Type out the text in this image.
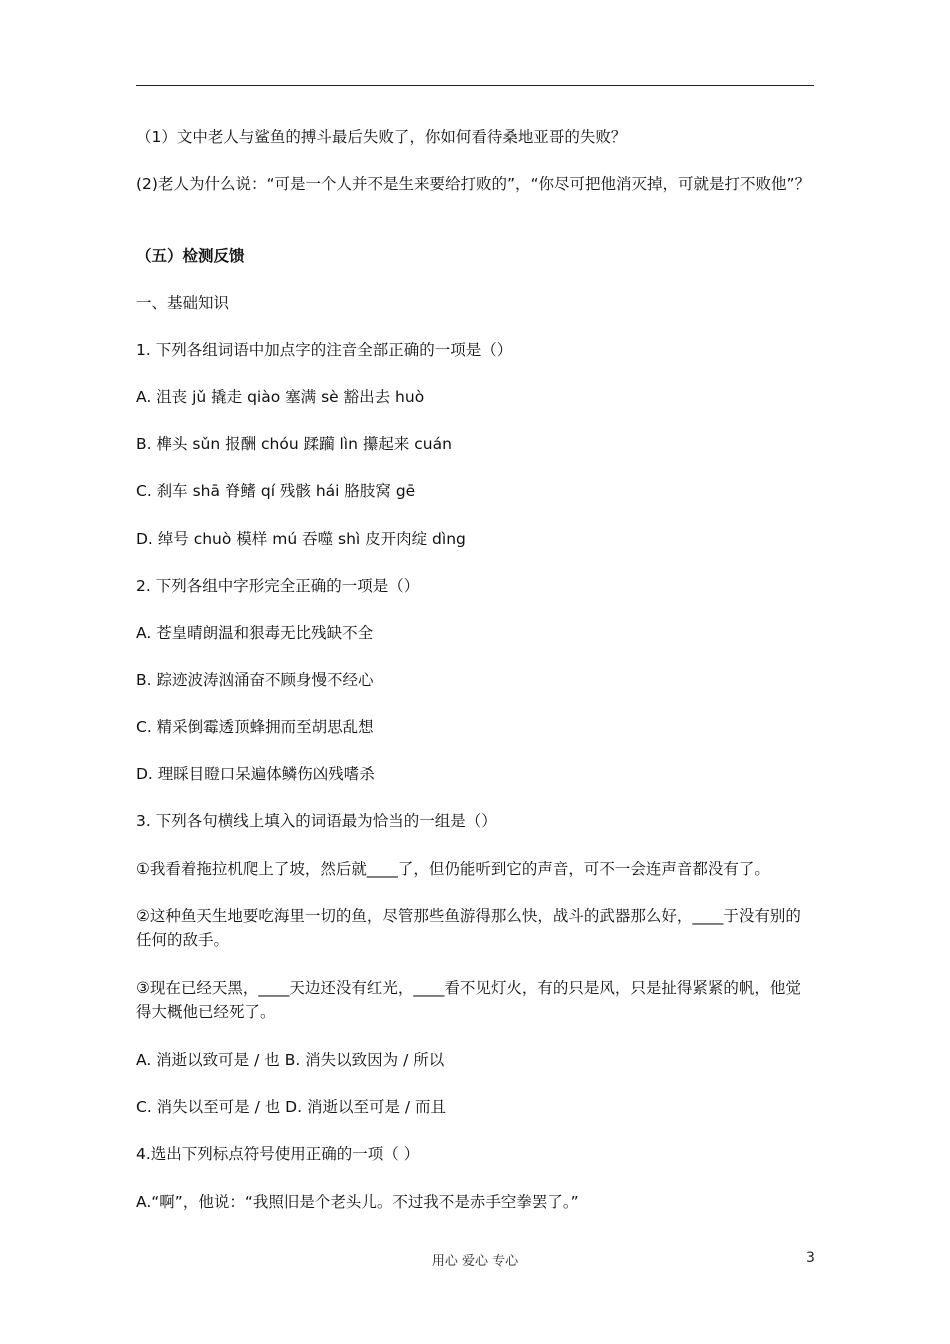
（1）文中老人与鲨鱼的搏斗最后失败了，你如何看待桑地亚哥的失败？
(2)老人为什么说：“可是一个人并不是生来要给打败的”，“你尽可把他消灭掉，可就是打不败他”？
（五）检测反馈
一、基础知识
1. 下列各组词语中加点字的注音全部正确的一项是（）
A. 沮丧 jǔ 撬走 qiào 塞满 sè 豁出去 huò
B. 榫头 sǔn 报酬 chóu 蹂躏 lìn 攥起来 cuán
C. 刹车 shā 脊鳍 qí 残骸 hái 胳肢窝 gē
D. 绰号 chuò 模样 mú 吞噬 shì 皮开肉绽 dìng
2. 下列各组中字形完全正确的一项是（）
A. 苍皇晴朗温和狠毒无比残缺不全
B. 踪迹波涛汹涌奋不顾身慢不经心
C. 精采倒霉透顶蜂拥而至胡思乱想
D. 理睬目瞪口呆遍体鳞伤凶残嗜杀
3. 下列各句横线上填入的词语最为恰当的一组是（）
①我看着拖拉机爬上了坡，然后就____了，但仍能听到它的声音，可不一会连声音都没有了。
②这种鱼天生地要吃海里一切的鱼，尽管那些鱼游得那么快，战斗的武器那么好，____于没有别的任何的敌手。
③现在已经天黑，____天边还没有红光，____看不见灯火，有的只是风，只是扯得紧紧的帆，他觉得大概他已经死了。
A. 消逝以致可是 / 也 B. 消失以致因为 / 所以
C. 消失以至可是 / 也 D. 消逝以至可是 / 而且
4.选出下列标点符号使用正确的一项（ ）
A.“啊”，他说：“我照旧是个老头儿。不过我不是赤手空拳罢了。”
用心 爱心 专心	3
